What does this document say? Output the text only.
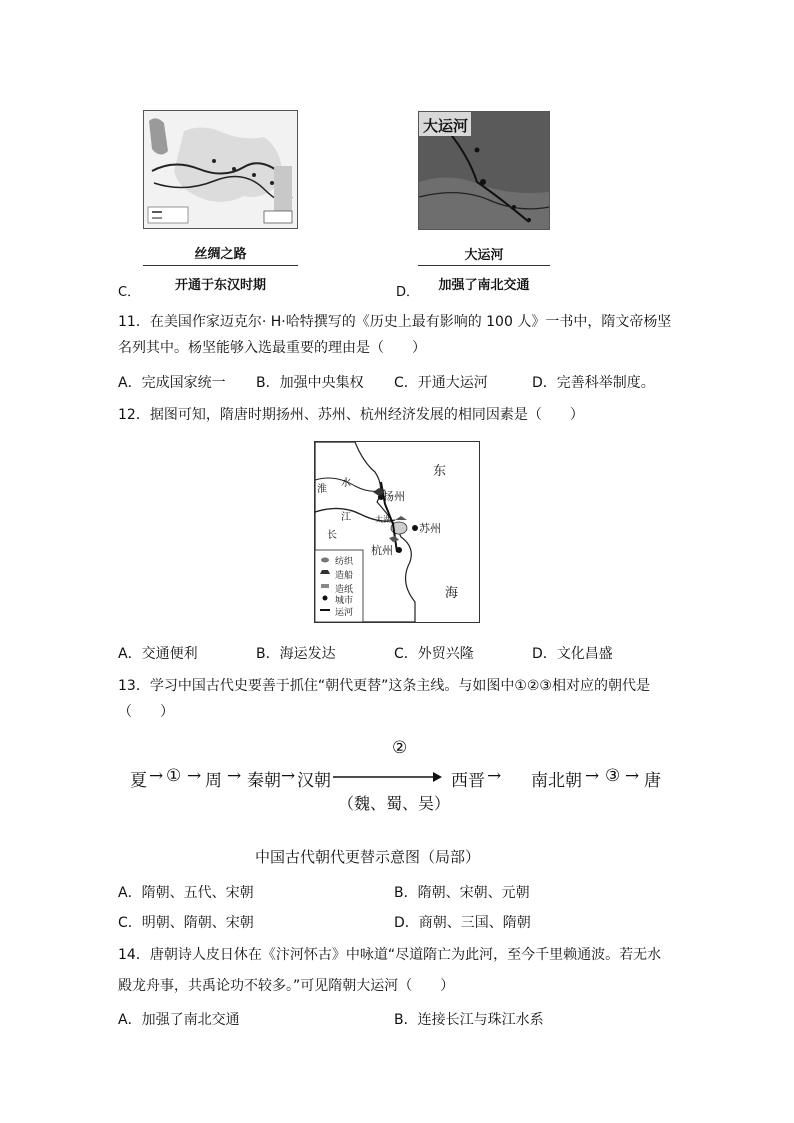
丝绸之路
开通于东汉时期
C．
大运河
大运河
加强了南北交通
D．
11．在美国作家迈克尔· H·哈特撰写的《历史上最有影响的 100 人》一书中，隋文帝杨坚
名列其中。杨坚能够入选最重要的理由是（　　）
A．完成国家统一 B．加强中央集权 C．开通大运河	D．完善科举制度。
12．据图可知，隋唐时期扬州、苏州、杭州经济发展的相同因素是（　　）
东
海
淮
水
江
长
扬州
苏州
杭州
太湖
纺织
造船
造纸
城市
运河
A．交通便利	B．海运发达	C．外贸兴隆	D．文化昌盛
13．学习中国古代史要善于抓住“朝代更替”这条主线。与如图中①②③相对应的朝代是
（　　）
夏 → ① → 周 → 秦朝 → 汉朝
②
（魏、蜀、吴）
西晋 → 南北朝 → ③ → 唐
中国古代朝代更替示意图（局部）
A．隋朝、五代、宋朝	B．隋朝、宋朝、元朝
C．明朝、隋朝、宋朝	D．商朝、三国、隋朝
14．唐朝诗人皮日休在《汴河怀古》中咏道“尽道隋亡为此河，至今千里赖通波。若无水
殿龙舟事，共禹论功不较多。”可见隋朝大运河（　　）
A．加强了南北交通	B．连接长江与珠江水系
